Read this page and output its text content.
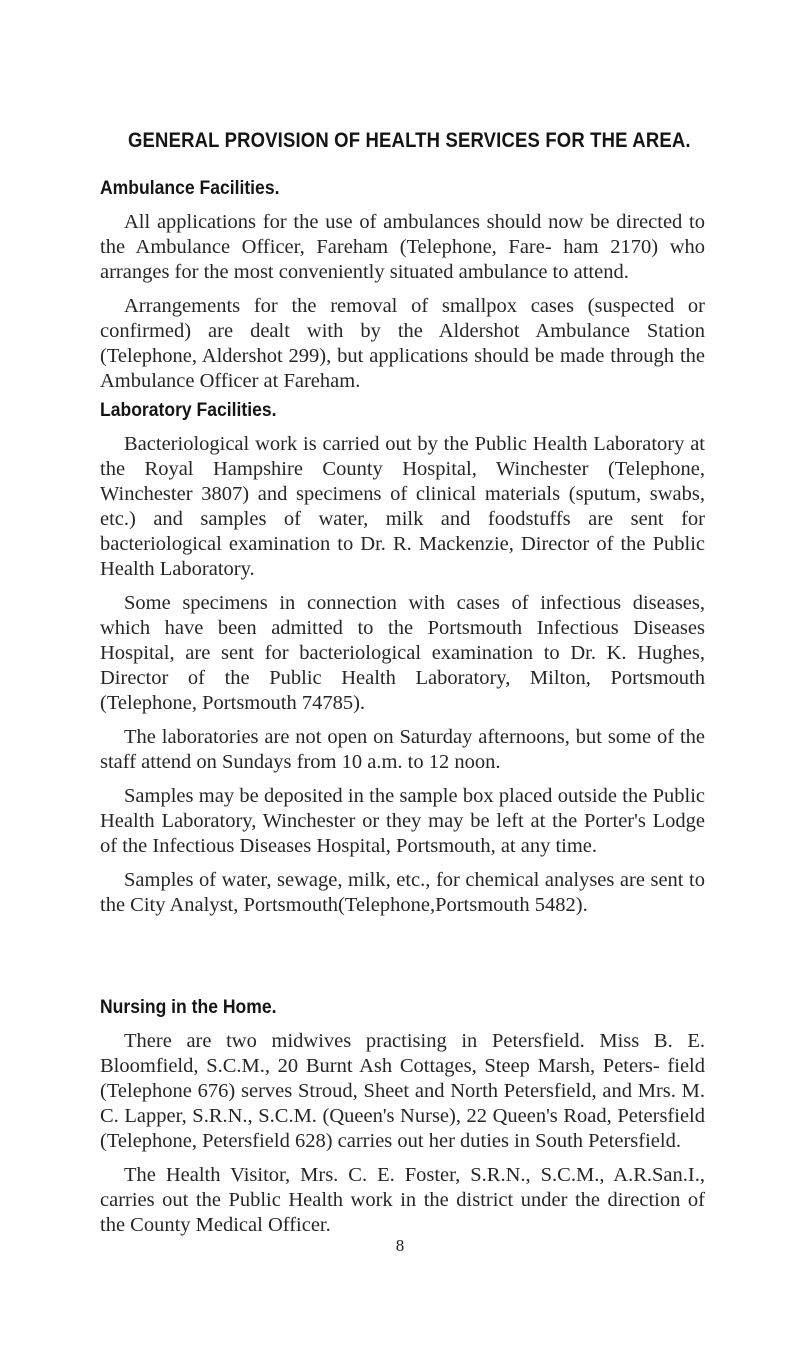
GENERAL PROVISION OF HEALTH SERVICES FOR THE AREA.
Ambulance Facilities.

All applications for the use of ambulances should now be directed to the Ambulance Officer, Fareham (Telephone, Fare- ham 2170) who arranges for the most conveniently situated ambulance to attend.

Arrangements for the removal of smallpox cases (suspected or confirmed) are dealt with by the Aldershot Ambulance Station (Telephone, Aldershot 299), but applications should be made through the Ambulance Officer at Fareham.

Laboratory Facilities.

Bacteriological work is carried out by the Public Health Laboratory at the Royal Hampshire County Hospital, Winchester (Telephone, Winchester 3807) and specimens of clinical materials (sputum, swabs, etc.) and samples of water, milk and foodstuffs are sent for bacteriological examination to Dr. R. Mackenzie, Director of the Public Health Laboratory.

Some specimens in connection with cases of infectious diseases, which have been admitted to the Portsmouth Infectious Diseases Hospital, are sent for bacteriological examination to Dr. K. Hughes, Director of the Public Health Laboratory, Milton, Portsmouth (Telephone, Portsmouth 74785).

The laboratories are not open on Saturday afternoons, but some of the staff attend on Sundays from 10 a.m. to 12 noon.

Samples may be deposited in the sample box placed outside the Public Health Laboratory, Winchester or they may be left at the Porter's Lodge of the Infectious Diseases Hospital, Portsmouth, at any time.

Samples of water, sewage, milk, etc., for chemical analyses are sent to the City Analyst, Portsmouth(Telephone,Portsmouth 5482).

Nursing in the Home.

There are two midwives practising in Petersfield. Miss B. E. Bloomfield, S.C.M., 20 Burnt Ash Cottages, Steep Marsh, Peters- field (Telephone 676) serves Stroud, Sheet and North Petersfield, and Mrs. M. C. Lapper, S.R.N., S.C.M. (Queen's Nurse), 22 Queen's Road, Petersfield (Telephone, Petersfield 628) carries out her duties in South Petersfield.

The Health Visitor, Mrs. C. E. Foster, S.R.N., S.C.M., A.R.San.I., carries out the Public Health work in the district under the direction of the County Medical Officer.

8
